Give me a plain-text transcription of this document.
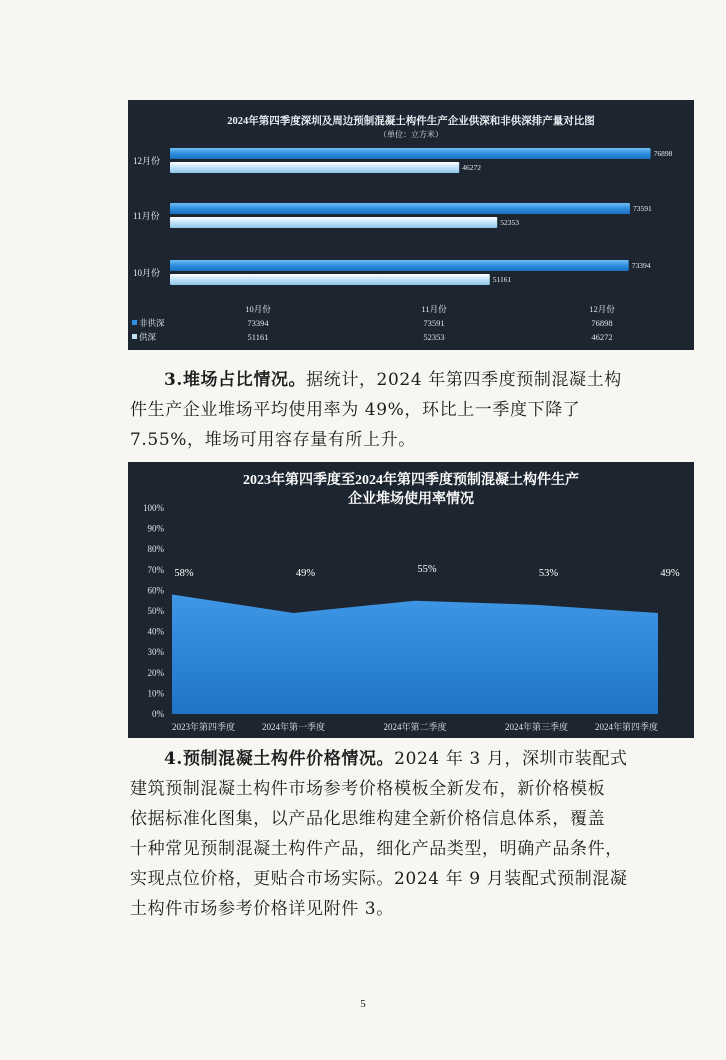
2024年第四季度深圳及周边预制混凝土构件生产企业供深和非供深排产量对比图
（单位：立方米）
10月份
73394
51161
11月份
73591
52353
12月份
76898
46272
10月份	11月份	12月份
非供深	73394	73591	76898
供深	51161	52353	46272

3.堆场占比情况。据统计，2024 年第四季度预制混凝土构
件生产企业堆场平均使用率为 49%，环比上一季度下降了
7.55%，堆场可用容存量有所上升。

2023年第四季度至2024年第四季度预制混凝土构件生产
企业堆场使用率情况
0%
10%
20%
30%
40%
50%
60%
70%
80%
90%
100%
58%	49%	55%	53%	49%
2023年第四季度	2024年第一季度	2024年第二季度	2024年第三季度	2024年第四季度

4.预制混凝土构件价格情况。2024 年 3 月，深圳市装配式
建筑预制混凝土构件市场参考价格模板全新发布，新价格模板
依据标准化图集，以产品化思维构建全新价格信息体系，覆盖
十种常见预制混凝土构件产品，细化产品类型，明确产品条件，
实现点位价格，更贴合市场实际。2024 年 9 月装配式预制混凝
土构件市场参考价格详见附件 3。

5
